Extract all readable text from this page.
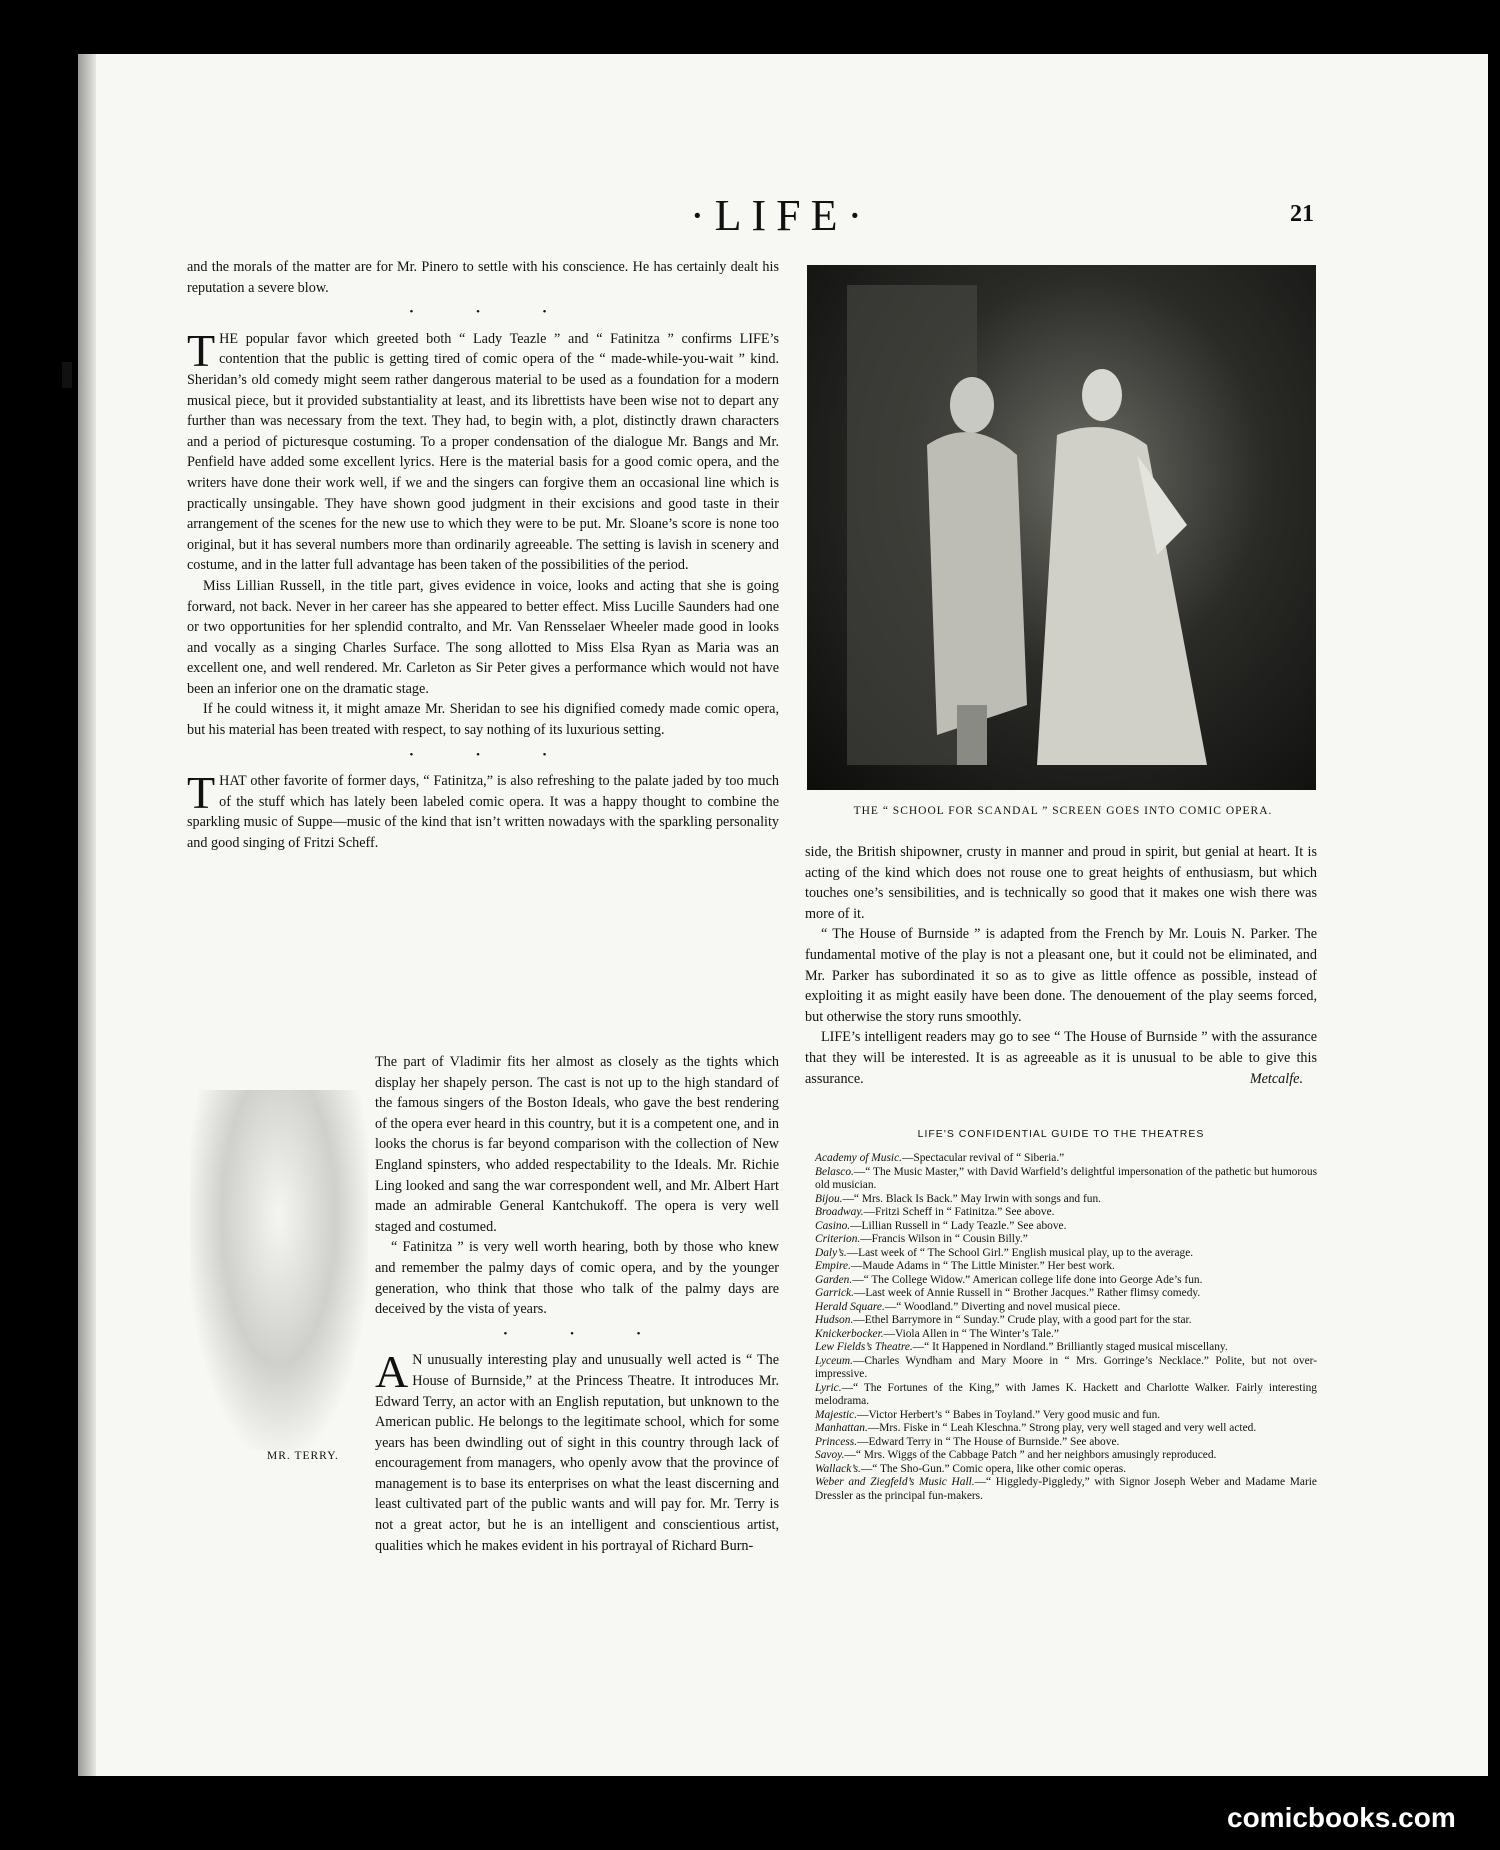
·LIFE·	21

and the morals of the matter are for Mr. Pinero to settle with his conscience. He has certainly dealt his reputation a severe blow.

• • •

THE popular favor which greeted both “ Lady Teazle ” and “ Fatinitza ” confirms LIFE’s contention that the public is getting tired of comic opera of the “ made-while-you-wait ” kind. Sheridan’s old comedy might seem rather dangerous material to be used as a foundation for a modern musical piece, but it provided substantiality at least, and its librettists have been wise not to depart any further than was necessary from the text. They had, to begin with, a plot, distinctly drawn characters and a period of picturesque costuming. To a proper condensation of the dialogue Mr. Bangs and Mr. Penfield have added some excellent lyrics. Here is the material basis for a good comic opera, and the writers have done their work well, if we and the singers can forgive them an occasional line which is practically unsingable. They have shown good judgment in their excisions and good taste in their arrangement of the scenes for the new use to which they were to be put. Mr. Sloane’s score is none too original, but it has several numbers more than ordinarily agreeable. The setting is lavish in scenery and costume, and in the latter full advantage has been taken of the possibilities of the period.

Miss Lillian Russell, in the title part, gives evidence in voice, looks and acting that she is going forward, not back. Never in her career has she appeared to better effect. Miss Lucille Saunders had one or two opportunities for her splendid contralto, and Mr. Van Rensselaer Wheeler made good in looks and vocally as a singing Charles Surface. The song allotted to Miss Elsa Ryan as Maria was an excellent one, and well rendered. Mr. Carleton as Sir Peter gives a performance which would not have been an inferior one on the dramatic stage.

If he could witness it, it might amaze Mr. Sheridan to see his dignified comedy made comic opera, but his material has been treated with respect, to say nothing of its luxurious setting.

• • •

THAT other favorite of former days, “ Fatinitza,” is also refreshing to the palate jaded by too much of the stuff which has lately been labeled comic opera. It was a happy thought to combine the sparkling music of Suppe—music of the kind that isn’t written nowadays with the sparkling personality and good singing of Fritzi Scheff.

MR. TERRY.

The part of Vladimir fits her almost as closely as the tights which display her shapely person. The cast is not up to the high standard of the famous singers of the Boston Ideals, who gave the best rendering of the opera ever heard in this country, but it is a competent one, and in looks the chorus is far beyond comparison with the collection of New England spinsters, who added respectability to the Ideals. Mr. Richie Ling looked and sang the war correspondent well, and Mr. Albert Hart made an admirable General Kantchukoff. The opera is very well staged and costumed.

“ Fatinitza ” is very well worth hearing, both by those who knew and remember the palmy days of comic opera, and by the younger generation, who think that those who talk of the palmy days are deceived by the vista of years.

• • •

A N unusually interesting play and unusually well acted is “ The House of Burnside,” at the Princess Theatre. It introduces Mr. Edward Terry, an actor with an English reputation, but unknown to the American public. He belongs to the legitimate school, which for some years has been dwindling out of sight in this country through lack of encouragement from managers, who openly avow that the province of management is to base its enterprises on what the least discerning and least cultivated part of the public wants and will pay for. Mr. Terry is not a great actor, but he is an intelligent and conscientious artist, qualities which he makes evident in his portrayal of Richard Burn-

THE “ SCHOOL FOR SCANDAL ” SCREEN GOES INTO COMIC OPERA.

side, the British shipowner, crusty in manner and proud in spirit, but genial at heart. It is acting of the kind which does not rouse one to great heights of enthusiasm, but which touches one’s sensibilities, and is technically so good that it makes one wish there was more of it.

“ The House of Burnside ” is adapted from the French by Mr. Louis N. Parker. The fundamental motive of the play is not a pleasant one, but it could not be eliminated, and Mr. Parker has subordinated it so as to give as little offence as possible, instead of exploiting it as might easily have been done. The denouement of the play seems forced, but otherwise the story runs smoothly.

LIFE’s intelligent readers may go to see “ The House of Burnside ” with the assurance that they will be interested. It is as agreeable as it is unusual to be able to give this assurance.	Metcalfe.

LIFE'S CONFIDENTIAL GUIDE TO THE THEATRES

Academy of Music.—Spectacular revival of “ Siberia.”

Belasco.—“ The Music Master,” with David Warfield’s delightful impersonation of the pathetic but humorous old musician.

Bijou.—“ Mrs. Black Is Back.” May Irwin with songs and fun.

Broadway.—Fritzi Scheff in “ Fatinitza.” See above.

Casino.—Lillian Russell in “ Lady Teazle.” See above.

Criterion.—Francis Wilson in “ Cousin Billy.”

Daly’s.—Last week of “ The School Girl.” English musical play, up to the average.

Empire.—Maude Adams in “ The Little Minister.” Her best work.

Garden.—“ The College Widow.” American college life done into George Ade’s fun.

Garrick.—Last week of Annie Russell in “ Brother Jacques.” Rather flimsy comedy.

Herald Square.—“ Woodland.” Diverting and novel musical piece.

Hudson.—Ethel Barrymore in “ Sunday.” Crude play, with a good part for the star.

Knickerbocker.—Viola Allen in “ The Winter’s Tale.”

Lew Fields’s Theatre.—“ It Happened in Nordland.” Brilliantly staged musical miscellany.

Lyceum.—Charles Wyndham and Mary Moore in “ Mrs. Gorringe’s Necklace.” Polite, but not over-impressive.

Lyric.—“ The Fortunes of the King,” with James K. Hackett and Charlotte Walker. Fairly interesting melodrama.

Majestic.—Victor Herbert’s “ Babes in Toyland.” Very good music and fun.

Manhattan.—Mrs. Fiske in “ Leah Kleschna.” Strong play, very well staged and very well acted.

Princess.—Edward Terry in “ The House of Burnside.” See above.

Savoy.—“ Mrs. Wiggs of the Cabbage Patch ” and her neighbors amusingly reproduced.

Wallack’s.—“ The Sho-Gun.” Comic opera, like other comic operas.

Weber and Ziegfeld’s Music Hall.—“ Higgledy-Piggledy,” with Signor Joseph Weber and Madame Marie Dressler as the principal fun-makers.

comicbooks.com
